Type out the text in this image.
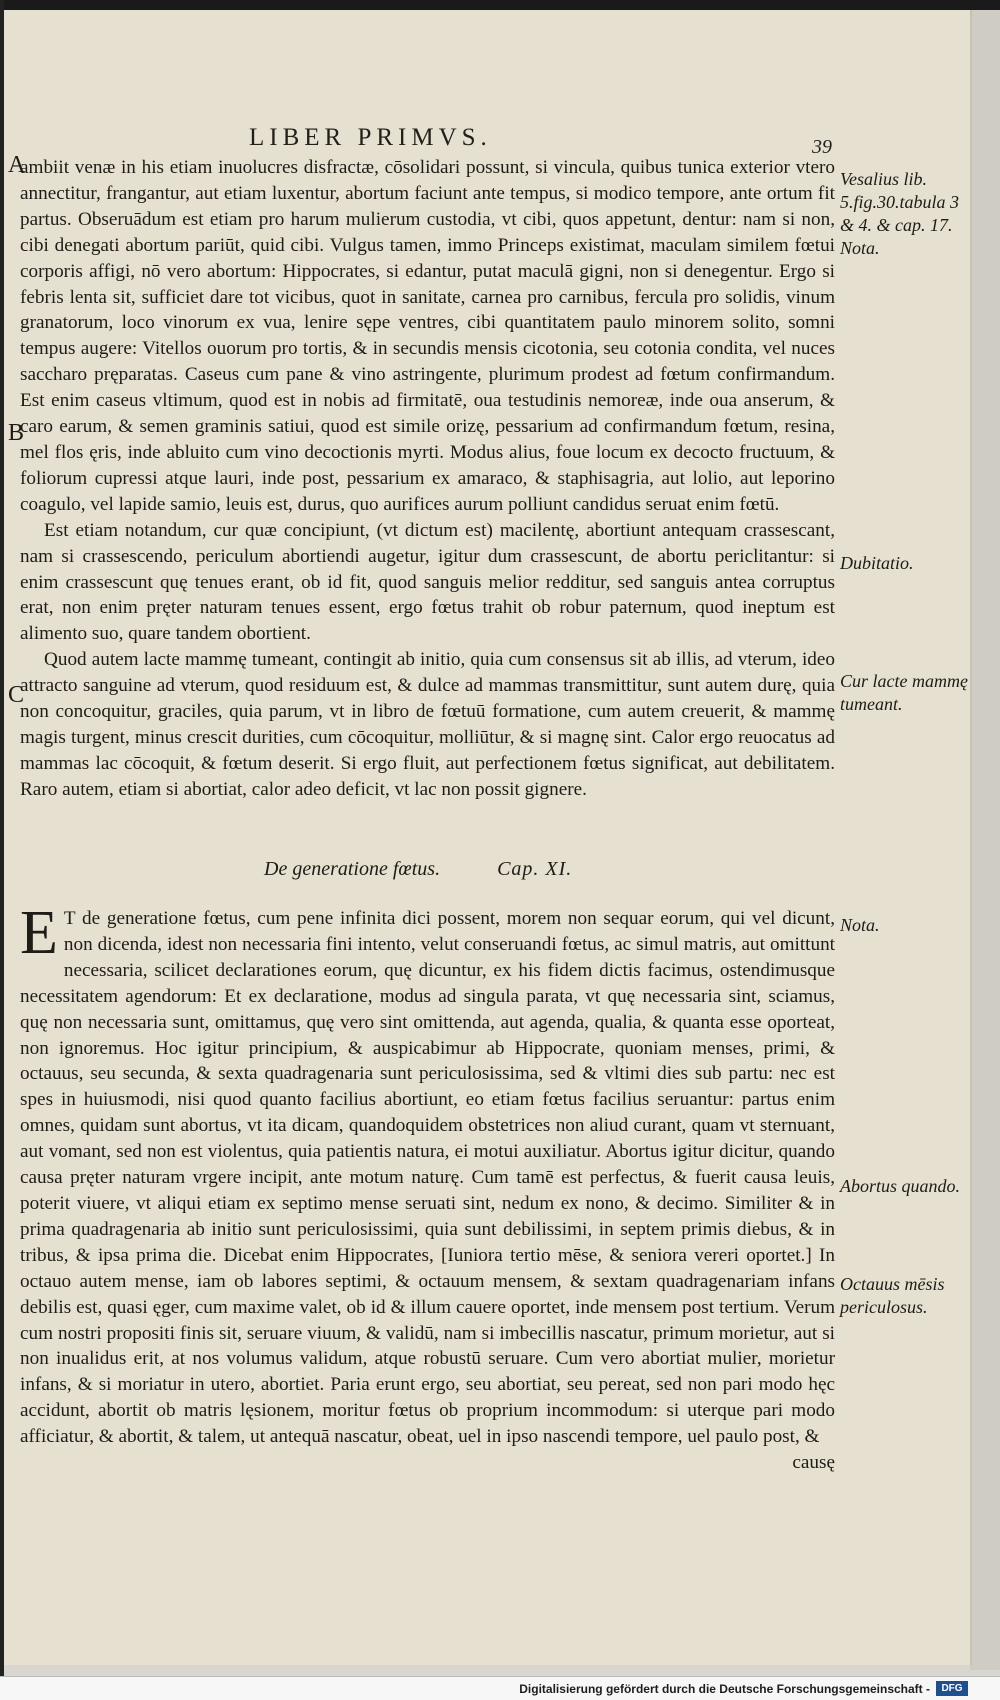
LIBER PRIMVS.	39
A
B
C

ambiit venæ in his etiam inuolucres disfractæ, cōsolidari possunt, si vincula, quibus tunica exterior vtero annectitur, frangantur, aut etiam luxentur, abortum faciunt ante tempus, si modico tempore, ante ortum fit partus. Obseruādum est etiam pro harum mulierum custodia, vt cibi, quos appetunt, dentur: nam si non, cibi denegati abortum pariūt, quid cibi. Vulgus tamen, immo Princeps existimat, maculam similem fœtui corporis affigi, nō vero abortum: Hippocrates, si edantur, putat maculā gigni, non si denegentur. Ergo si febris lenta sit, sufficiet dare tot vicibus, quot in sanitate, carnea pro carnibus, fercula pro solidis, vinum granatorum, loco vinorum ex vua, lenire sępe ventres, cibi quantitatem paulo minorem solito, somni tempus augere: Vitellos ouorum pro tortis, & in secundis mensis cicotonia, seu cotonia condita, vel nuces saccharo pręparatas. Caseus cum pane & vino astringente, plurimum prodest ad fœtum confirmandum. Est enim caseus vltimum, quod est in nobis ad firmitatē, oua testudinis nemoreæ, inde oua anserum, & caro earum, & semen graminis satiui, quod est simile orizę, pessarium ad confirmandum fœtum, resina, mel flos ęris, inde abluito cum vino decoctionis myrti. Modus alius, foue locum ex decocto fructuum, & foliorum cupressi atque lauri, inde post, pessarium ex amaraco, & staphisagria, aut lolio, aut leporino coagulo, vel lapide samio, leuis est, durus, quo aurifices aurum polliunt candidus seruat enim fœtū.

Est etiam notandum, cur quæ concipiunt, (vt dictum est) macilentę, abortiunt antequam crassescant, nam si crassescendo, periculum abortiendi augetur, igitur dum crassescunt, de abortu periclitantur: si enim crassescunt quę tenues erant, ob id fit, quod sanguis melior redditur, sed sanguis antea corruptus erat, non enim pręter naturam tenues essent, ergo fœtus trahit ob robur paternum, quod ineptum est alimento suo, quare tandem obortient.

Quod autem lacte mammę tumeant, contingit ab initio, quia cum consensus sit ab illis, ad vterum, ideo attracto sanguine ad vterum, quod residuum est, & dulce ad mammas transmittitur, sunt autem durę, quia non concoquitur, graciles, quia parum, vt in libro de fœtuū formatione, cum autem creuerit, & mammę magis turgent, minus crescit durities, cum cōcoquitur, molliūtur, & si magnę sint. Calor ergo reuocatus ad mammas lac cōcoquit, & fœtum deserit. Si ergo fluit, aut perfectionem fœtus significat, aut debilitatem. Raro autem, etiam si abortiat, calor adeo deficit, vt lac non possit gignere.

De generatione fœtus.	Cap. XI.

E T de generatione fœtus, cum pene infinita dici possent, morem non sequar eorum, qui vel dicunt, non dicenda, idest non necessaria fini intento, velut conseruandi fœtus, ac simul matris, aut omittunt necessaria, scilicet declarationes eorum, quę dicuntur, ex his fidem dictis facimus, ostendimusque necessitatem agendorum: Et ex declaratione, modus ad singula parata, vt quę necessaria sint, sciamus, quę non necessaria sunt, omittamus, quę vero sint omittenda, aut agenda, qualia, & quanta esse oporteat, non ignoremus. Hoc igitur principium, & auspicabimur ab Hippocrate, quoniam menses, primi, & octauus, seu secunda, & sexta quadragenaria sunt periculosissima, sed & vltimi dies sub partu: nec est spes in huiusmodi, nisi quod quanto facilius abortiunt, eo etiam fœtus facilius seruantur: partus enim omnes, quidam sunt abortus, vt ita dicam, quandoquidem obstetrices non aliud curant, quam vt sternuant, aut vomant, sed non est violentus, quia patientis natura, ei motui auxiliatur. Abortus igitur dicitur, quando causa pręter naturam vrgere incipit, ante motum naturę. Cum tamē est perfectus, & fuerit causa leuis, poterit viuere, vt aliqui etiam ex septimo mense seruati sint, nedum ex nono, & decimo. Similiter & in prima quadragenaria ab initio sunt periculosissimi, quia sunt debilissimi, in septem primis diebus, & in tribus, & ipsa prima die. Dicebat enim Hippocrates, [Iuniora tertio mēse, & seniora vereri oportet.] In octauo autem mense, iam ob labores septimi, & octauum mensem, & sextam quadragenariam infans debilis est, quasi ęger, cum maxime valet, ob id & illum cauere oportet, inde mensem post tertium. Verum cum nostri propositi finis sit, seruare viuum, & validū, nam si imbecillis nascatur, primum morietur, aut si non inualidus erit, at nos volumus validum, atque robustū seruare. Cum vero abortiat mulier, morietur infans, & si moriatur in utero, abortiet. Paria erunt ergo, seu abortiat, seu pereat, sed non pari modo hęc accidunt, abortit ob matris lęsionem, moritur fœtus ob proprium incommodum: si uterque pari modo afficiatur, & abortit, & talem, ut antequā nascatur, obeat, uel in ipso nascendi tempore, uel paulo post, &

causę

Vesalius lib. 5.fig.30.tabula 3 & 4. & cap. 17. Nota.
Dubitatio.
Cur lacte mammę tumeant.
Nota.
Abortus quando.
Octauus mēsis periculosus.
Digitalisierung gefördert durch die Deutsche Forschungsgemeinschaft -	DFG
